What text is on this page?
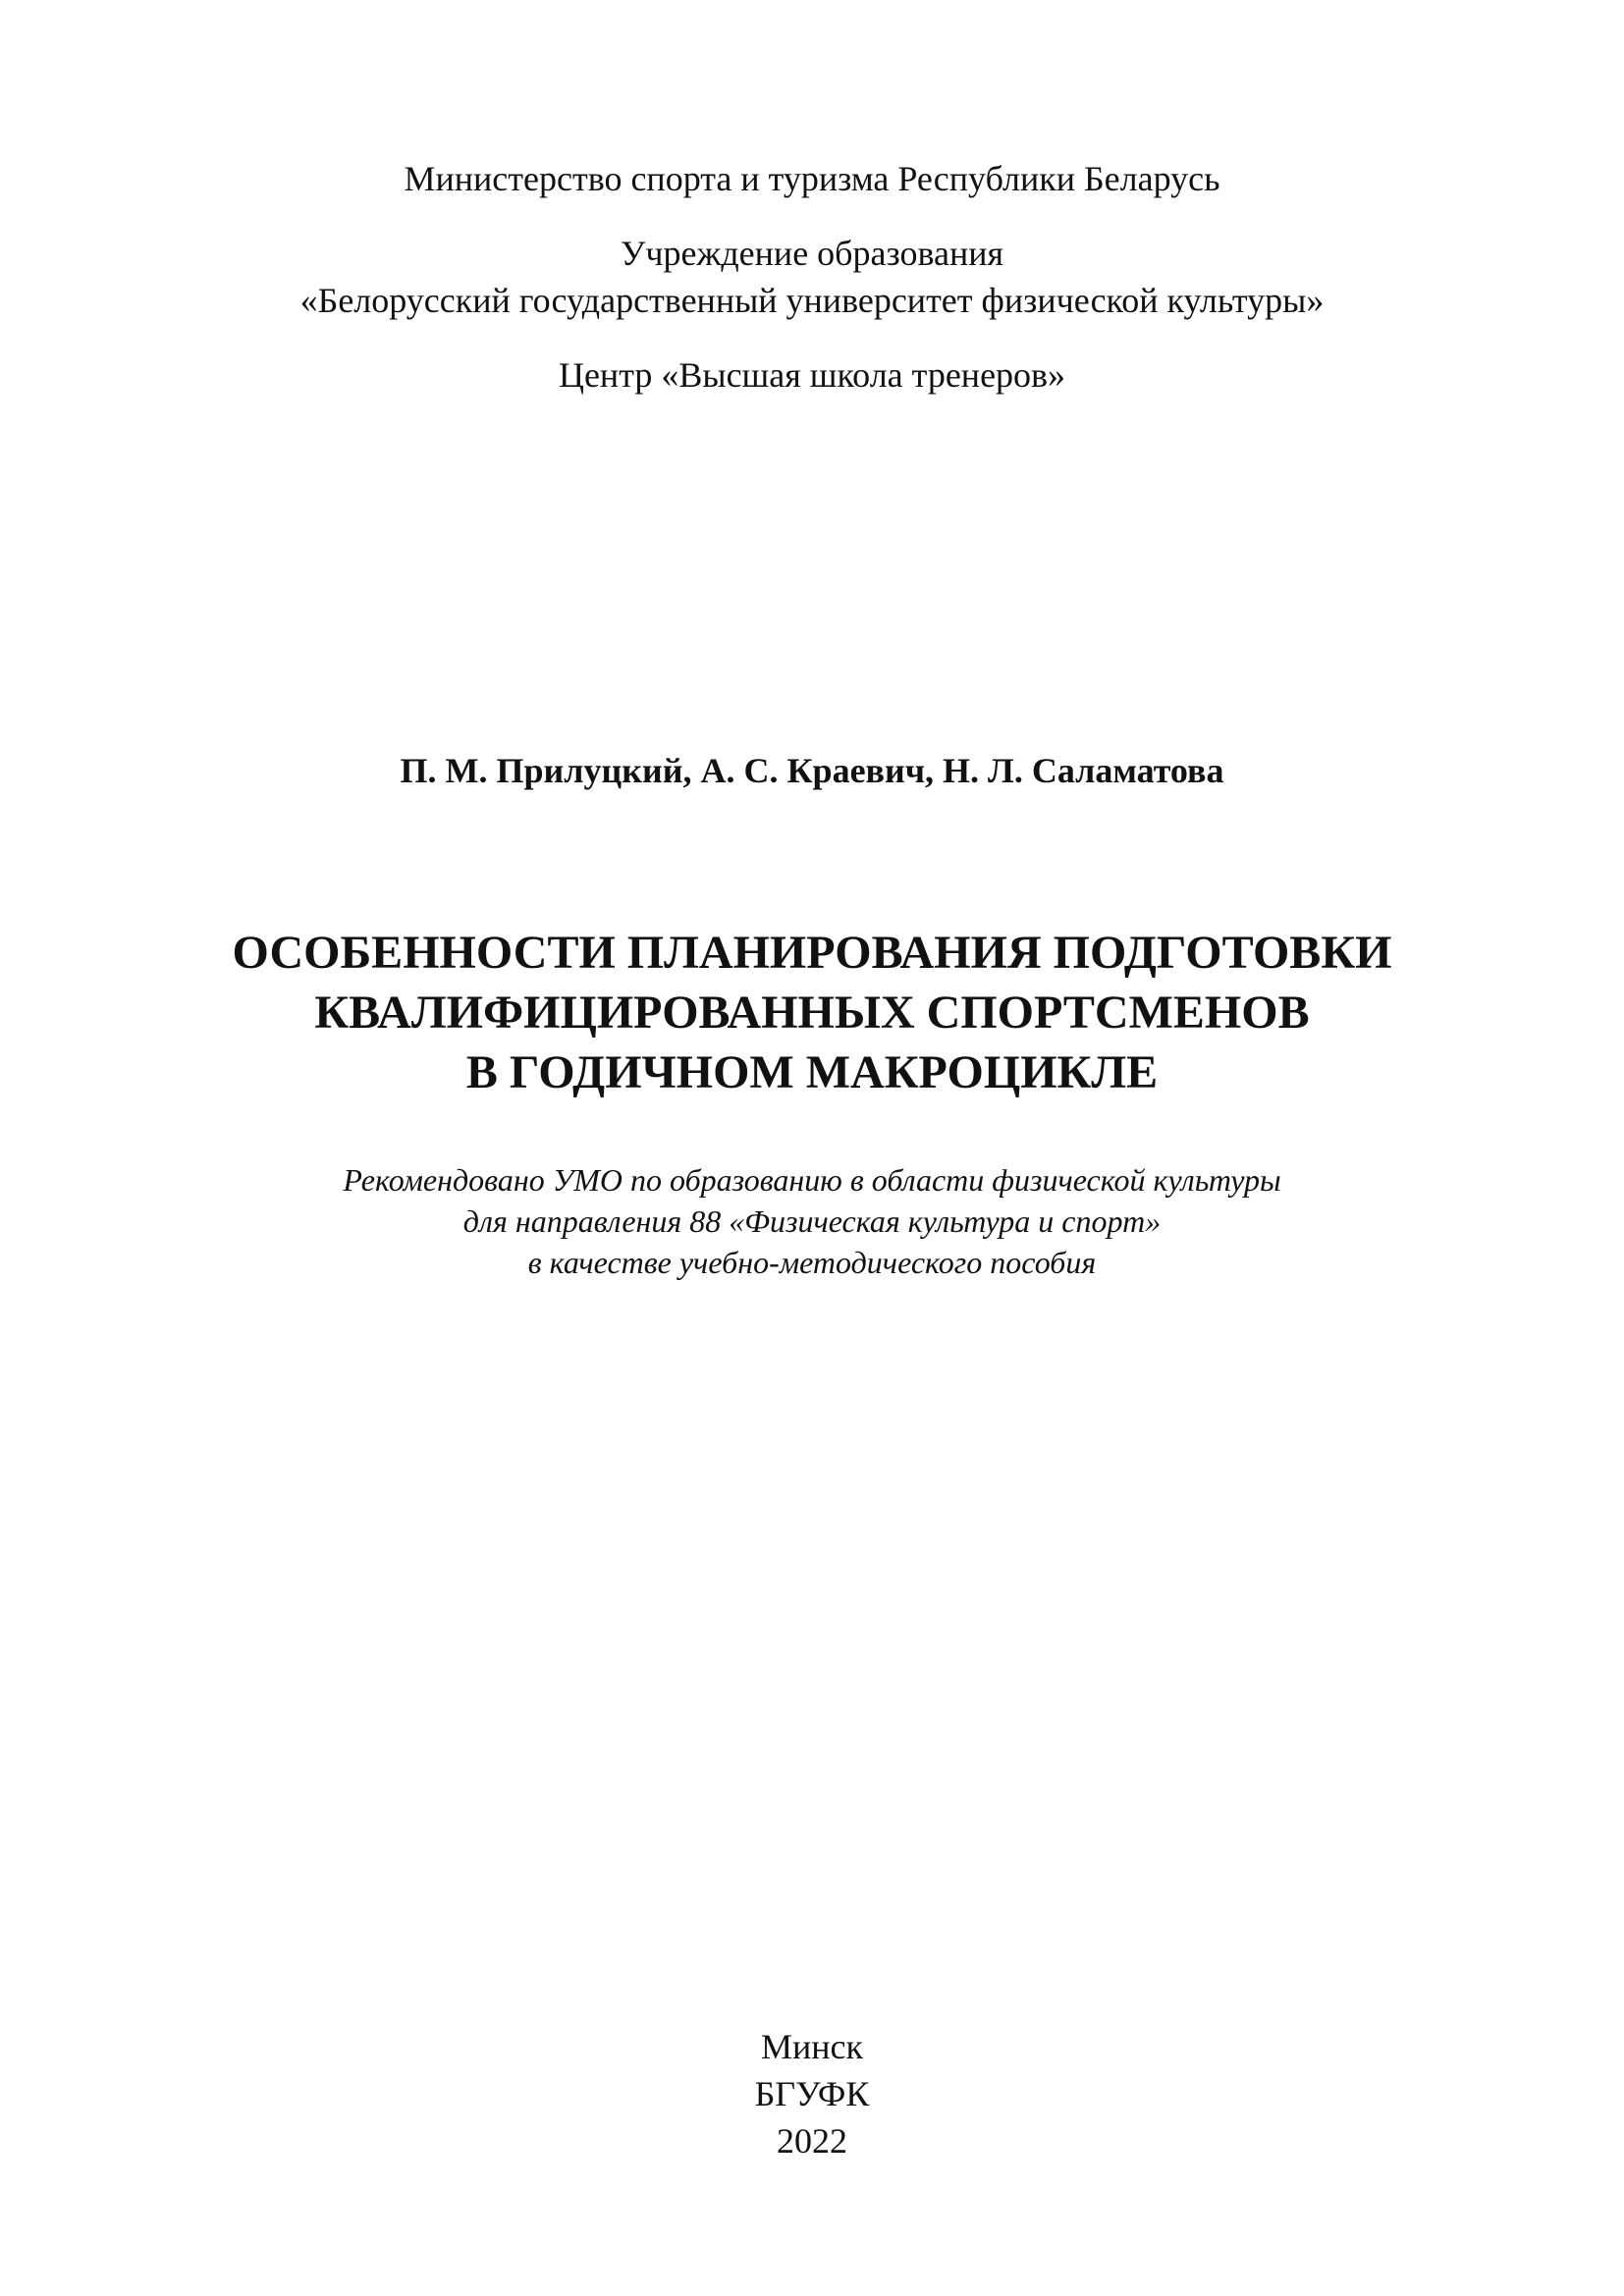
Министерство спорта и туризма Республики Беларусь
Учреждение образования
«Белорусский государственный университет физической культуры»
Центр «Высшая школа тренеров»
П. М. Прилуцкий, А. С. Краевич, Н. Л. Саламатова
ОСОБЕННОСТИ ПЛАНИРОВАНИЯ ПОДГОТОВКИ
КВАЛИФИЦИРОВАННЫХ СПОРТСМЕНОВ
В ГОДИЧНОМ МАКРОЦИКЛЕ
Рекомендовано УМО по образованию в области физической культуры
для направления 88 «Физическая культура и спорт»
в качестве учебно-методического пособия
Минск
БГУФК
2022
